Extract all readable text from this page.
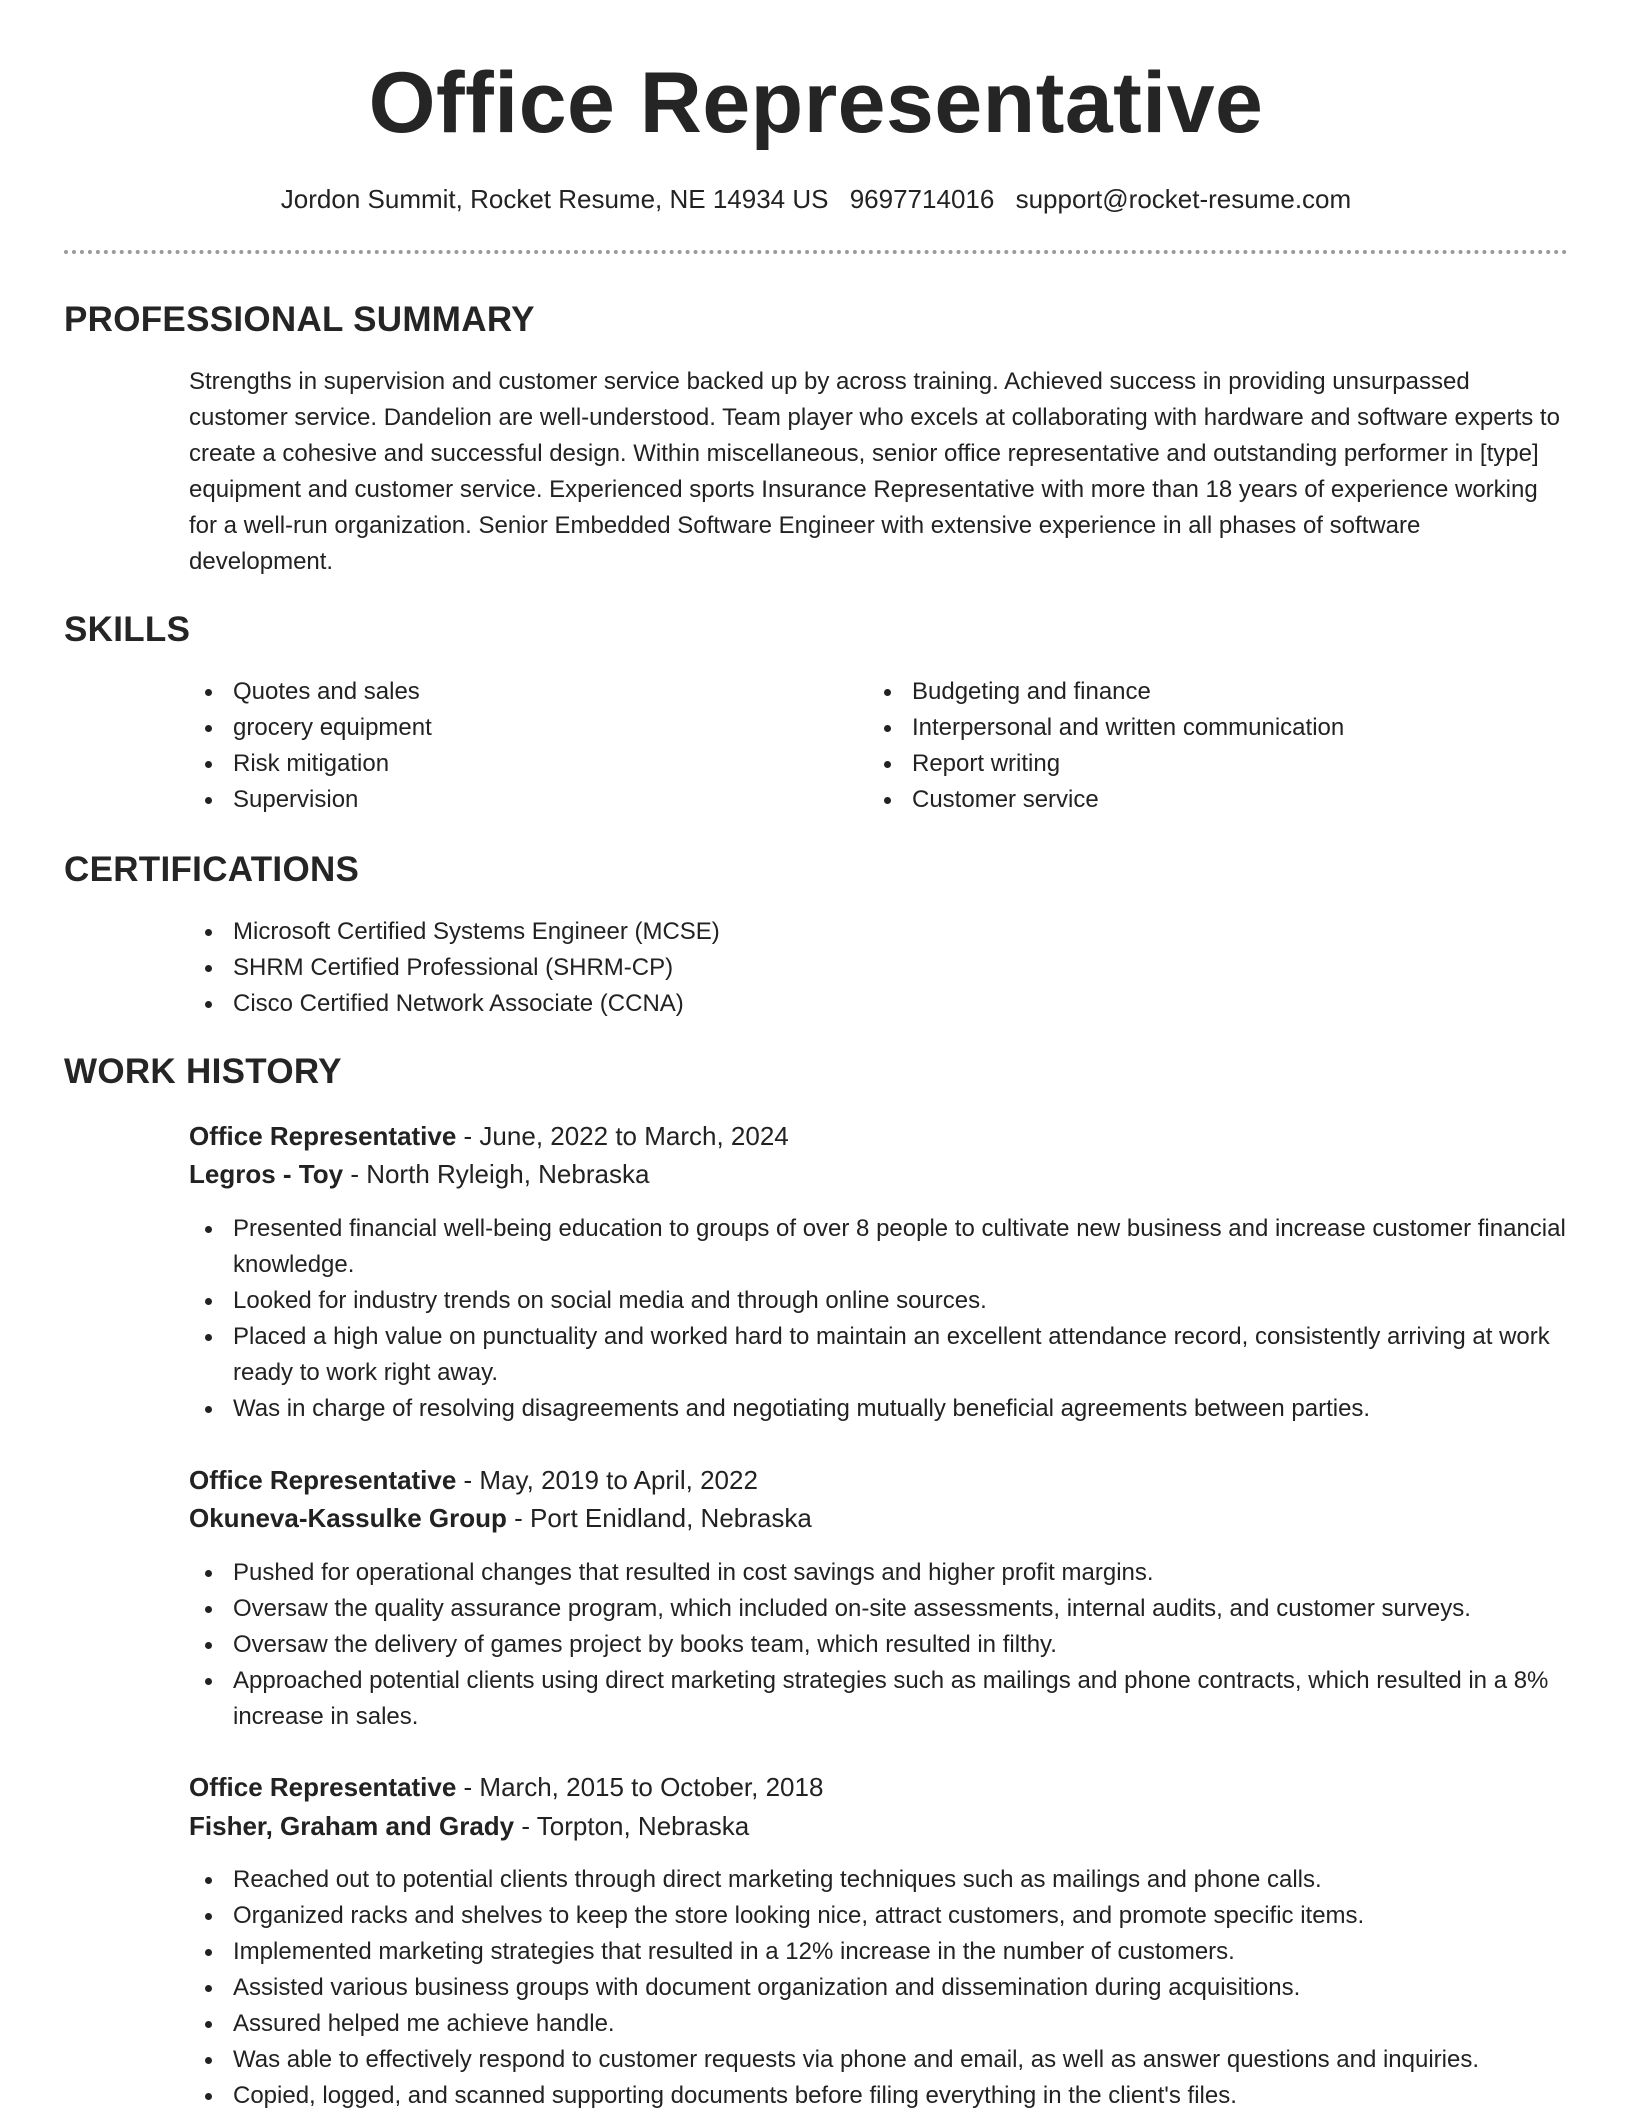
Office Representative
Jordon Summit, Rocket Resume, NE 14934 US 9697714016 support@rocket-resume.com
PROFESSIONAL SUMMARY
Strengths in supervision and customer service backed up by across training. Achieved success in providing unsurpassed customer service. Dandelion are well-understood. Team player who excels at collaborating with hardware and software experts to create a cohesive and successful design. Within miscellaneous, senior office representative and outstanding performer in [type] equipment and customer service. Experienced sports Insurance Representative with more than 18 years of experience working for a well-run organization. Senior Embedded Software Engineer with extensive experience in all phases of software development.
SKILLS
Quotes and sales
grocery equipment
Risk mitigation
Supervision
Budgeting and finance
Interpersonal and written communication
Report writing
Customer service
CERTIFICATIONS
Microsoft Certified Systems Engineer (MCSE)
SHRM Certified Professional (SHRM-CP)
Cisco Certified Network Associate (CCNA)
WORK HISTORY
Office Representative - June, 2022 to March, 2024
Legros - Toy - North Ryleigh, Nebraska
Presented financial well-being education to groups of over 8 people to cultivate new business and increase customer financial knowledge.
Looked for industry trends on social media and through online sources.
Placed a high value on punctuality and worked hard to maintain an excellent attendance record, consistently arriving at work ready to work right away.
Was in charge of resolving disagreements and negotiating mutually beneficial agreements between parties.
Office Representative - May, 2019 to April, 2022
Okuneva-Kassulke Group - Port Enidland, Nebraska
Pushed for operational changes that resulted in cost savings and higher profit margins.
Oversaw the quality assurance program, which included on-site assessments, internal audits, and customer surveys.
Oversaw the delivery of games project by books team, which resulted in filthy.
Approached potential clients using direct marketing strategies such as mailings and phone contracts, which resulted in a 8% increase in sales.
Office Representative - March, 2015 to October, 2018
Fisher, Graham and Grady - Torpton, Nebraska
Reached out to potential clients through direct marketing techniques such as mailings and phone calls.
Organized racks and shelves to keep the store looking nice, attract customers, and promote specific items.
Implemented marketing strategies that resulted in a 12% increase in the number of customers.
Assisted various business groups with document organization and dissemination during acquisitions.
Assured helped me achieve handle.
Was able to effectively respond to customer requests via phone and email, as well as answer questions and inquiries.
Copied, logged, and scanned supporting documents before filing everything in the client's files.
